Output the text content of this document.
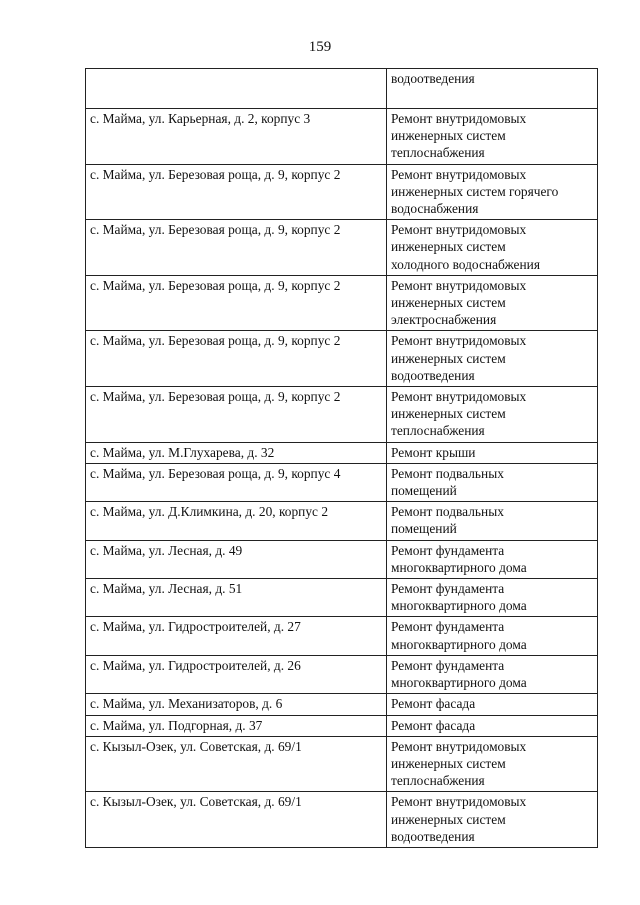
159

	водоотведения

с. Майма, ул. Карьерная, д. 2, корпус 3	Ремонт внутридомовых
инженерных систем
теплоснабжения

с. Майма, ул. Березовая роща, д. 9, корпус 2	Ремонт внутридомовых
инженерных систем горячего
водоснабжения

с. Майма, ул. Березовая роща, д. 9, корпус 2	Ремонт внутридомовых
инженерных систем
холодного водоснабжения

с. Майма, ул. Березовая роща, д. 9, корпус 2	Ремонт внутридомовых
инженерных систем
электроснабжения

с. Майма, ул. Березовая роща, д. 9, корпус 2	Ремонт внутридомовых
инженерных систем
водоотведения

с. Майма, ул. Березовая роща, д. 9, корпус 2	Ремонт внутридомовых
инженерных систем
теплоснабжения

с. Майма, ул. М.Глухарева, д. 32	Ремонт крыши

с. Майма, ул. Березовая роща, д. 9, корпус 4	Ремонт подвальных
помещений

с. Майма, ул. Д.Климкина, д. 20, корпус 2	Ремонт подвальных
помещений

с. Майма, ул. Лесная, д. 49	Ремонт фундамента
многоквартирного дома

с. Майма, ул. Лесная, д. 51	Ремонт фундамента
многоквартирного дома

с. Майма, ул. Гидростроителей, д. 27	Ремонт фундамента
многоквартирного дома

с. Майма, ул. Гидростроителей, д. 26	Ремонт фундамента
многоквартирного дома

с. Майма, ул. Механизаторов, д. 6	Ремонт фасада

с. Майма, ул. Подгорная, д. 37	Ремонт фасада

с. Кызыл-Озек, ул. Советская, д. 69/1	Ремонт внутридомовых
инженерных систем
теплоснабжения

с. Кызыл-Озек, ул. Советская, д. 69/1	Ремонт внутридомовых
инженерных систем
водоотведения
